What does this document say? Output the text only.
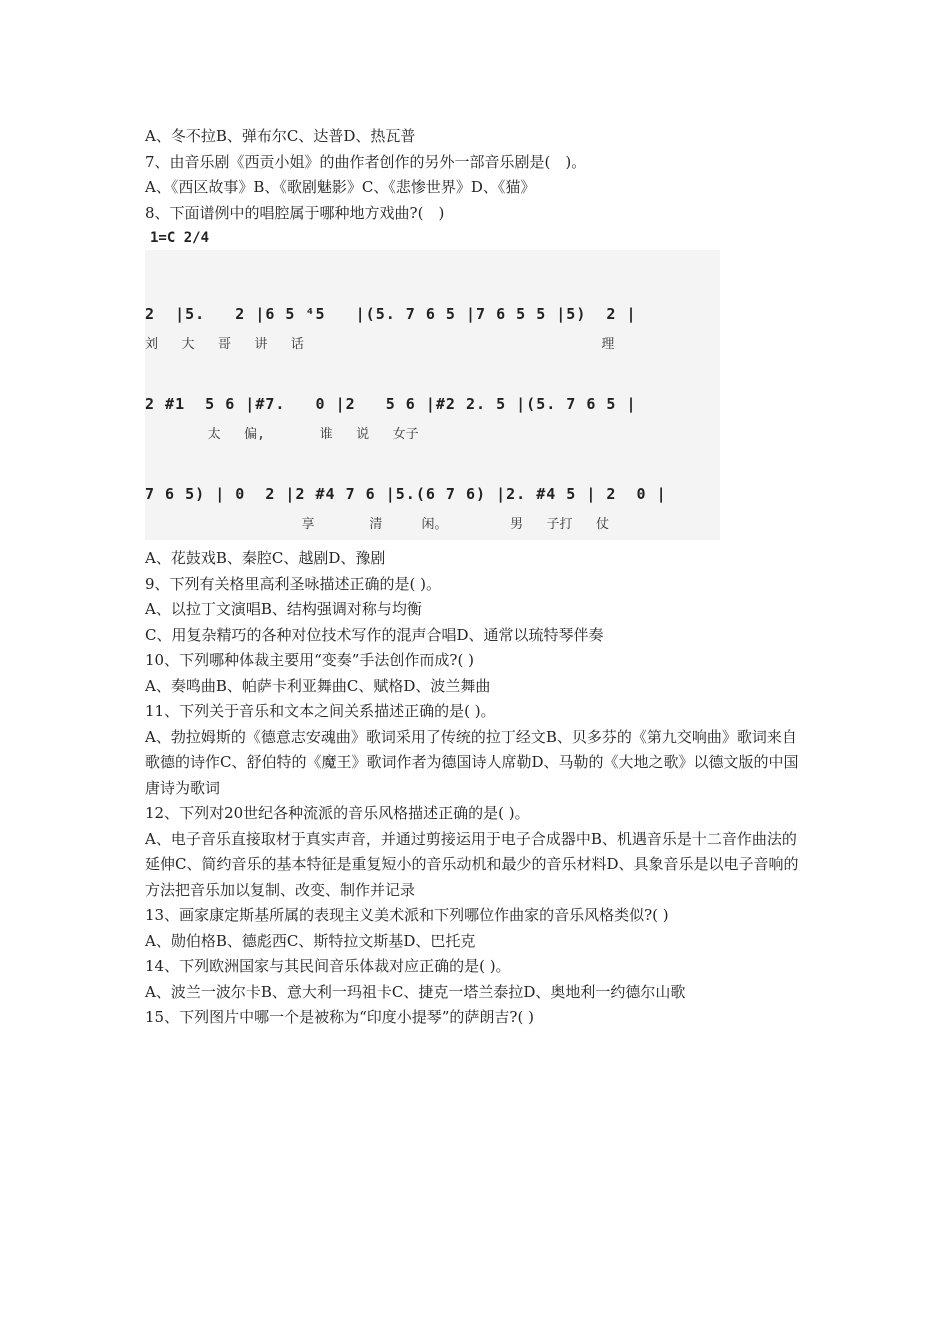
A、冬不拉B、弹布尔C、达普D、热瓦普

7、由音乐剧《西贡小姐》的曲作者创作的另外一部音乐剧是(　)。

A、《西区故事》B、《歌剧魅影》C、《悲惨世界》D、《猫》

8、下面谱例中的唱腔属于哪种地方戏曲?(　)

1=C 2/4
2  |5.   2 |6 5 ⁴5   |(5. 7 6 5 |7 6 5 5 |5)  2 |
刘   大   哥   讲   话                                      理
2 #1  5 6 |#7.   0 |2   5 6 |#2 2. 5 |(5. 7 6 5 |
太   偏,       谁   说   女子
7 6 5) | 0  2 |2 #4 7 6 |5.(6 7 6) |2. #4 5 | 2  0 |
享       清     闲。        男   子打   仗

A、花鼓戏B、秦腔C、越剧D、豫剧

9、下列有关格里高利圣咏描述正确的是( )。

A、以拉丁文演唱B、结构强调对称与均衡

C、用复杂精巧的各种对位技术写作的混声合唱D、通常以琉特琴伴奏

10、下列哪种体裁主要用“变奏”手法创作而成?( )

A、奏鸣曲B、帕萨卡利亚舞曲C、赋格D、波兰舞曲

11、下列关于音乐和文本之间关系描述正确的是( )。

A、勃拉姆斯的《德意志安魂曲》歌词采用了传统的拉丁经文B、贝多芬的《第九交响曲》歌词来自歌德的诗作C、舒伯特的《魔王》歌词作者为德国诗人席勒D、马勒的《大地之歌》以德文版的中国唐诗为歌词

12、下列对20世纪各种流派的音乐风格描述正确的是( )。

A、电子音乐直接取材于真实声音，并通过剪接运用于电子合成器中B、机遇音乐是十二音作曲法的延伸C、简约音乐的基本特征是重复短小的音乐动机和最少的音乐材料D、具象音乐是以电子音响的方法把音乐加以复制、改变、制作并记录

13、画家康定斯基所属的表现主义美术派和下列哪位作曲家的音乐风格类似?( )

A、勋伯格B、德彪西C、斯特拉文斯基D、巴托克

14、下列欧洲国家与其民间音乐体裁对应正确的是( )。

A、波兰一波尔卡B、意大利一玛祖卡C、捷克一塔兰泰拉D、奥地利一约德尔山歌

15、下列图片中哪一个是被称为“印度小提琴”的萨朗吉?( )
